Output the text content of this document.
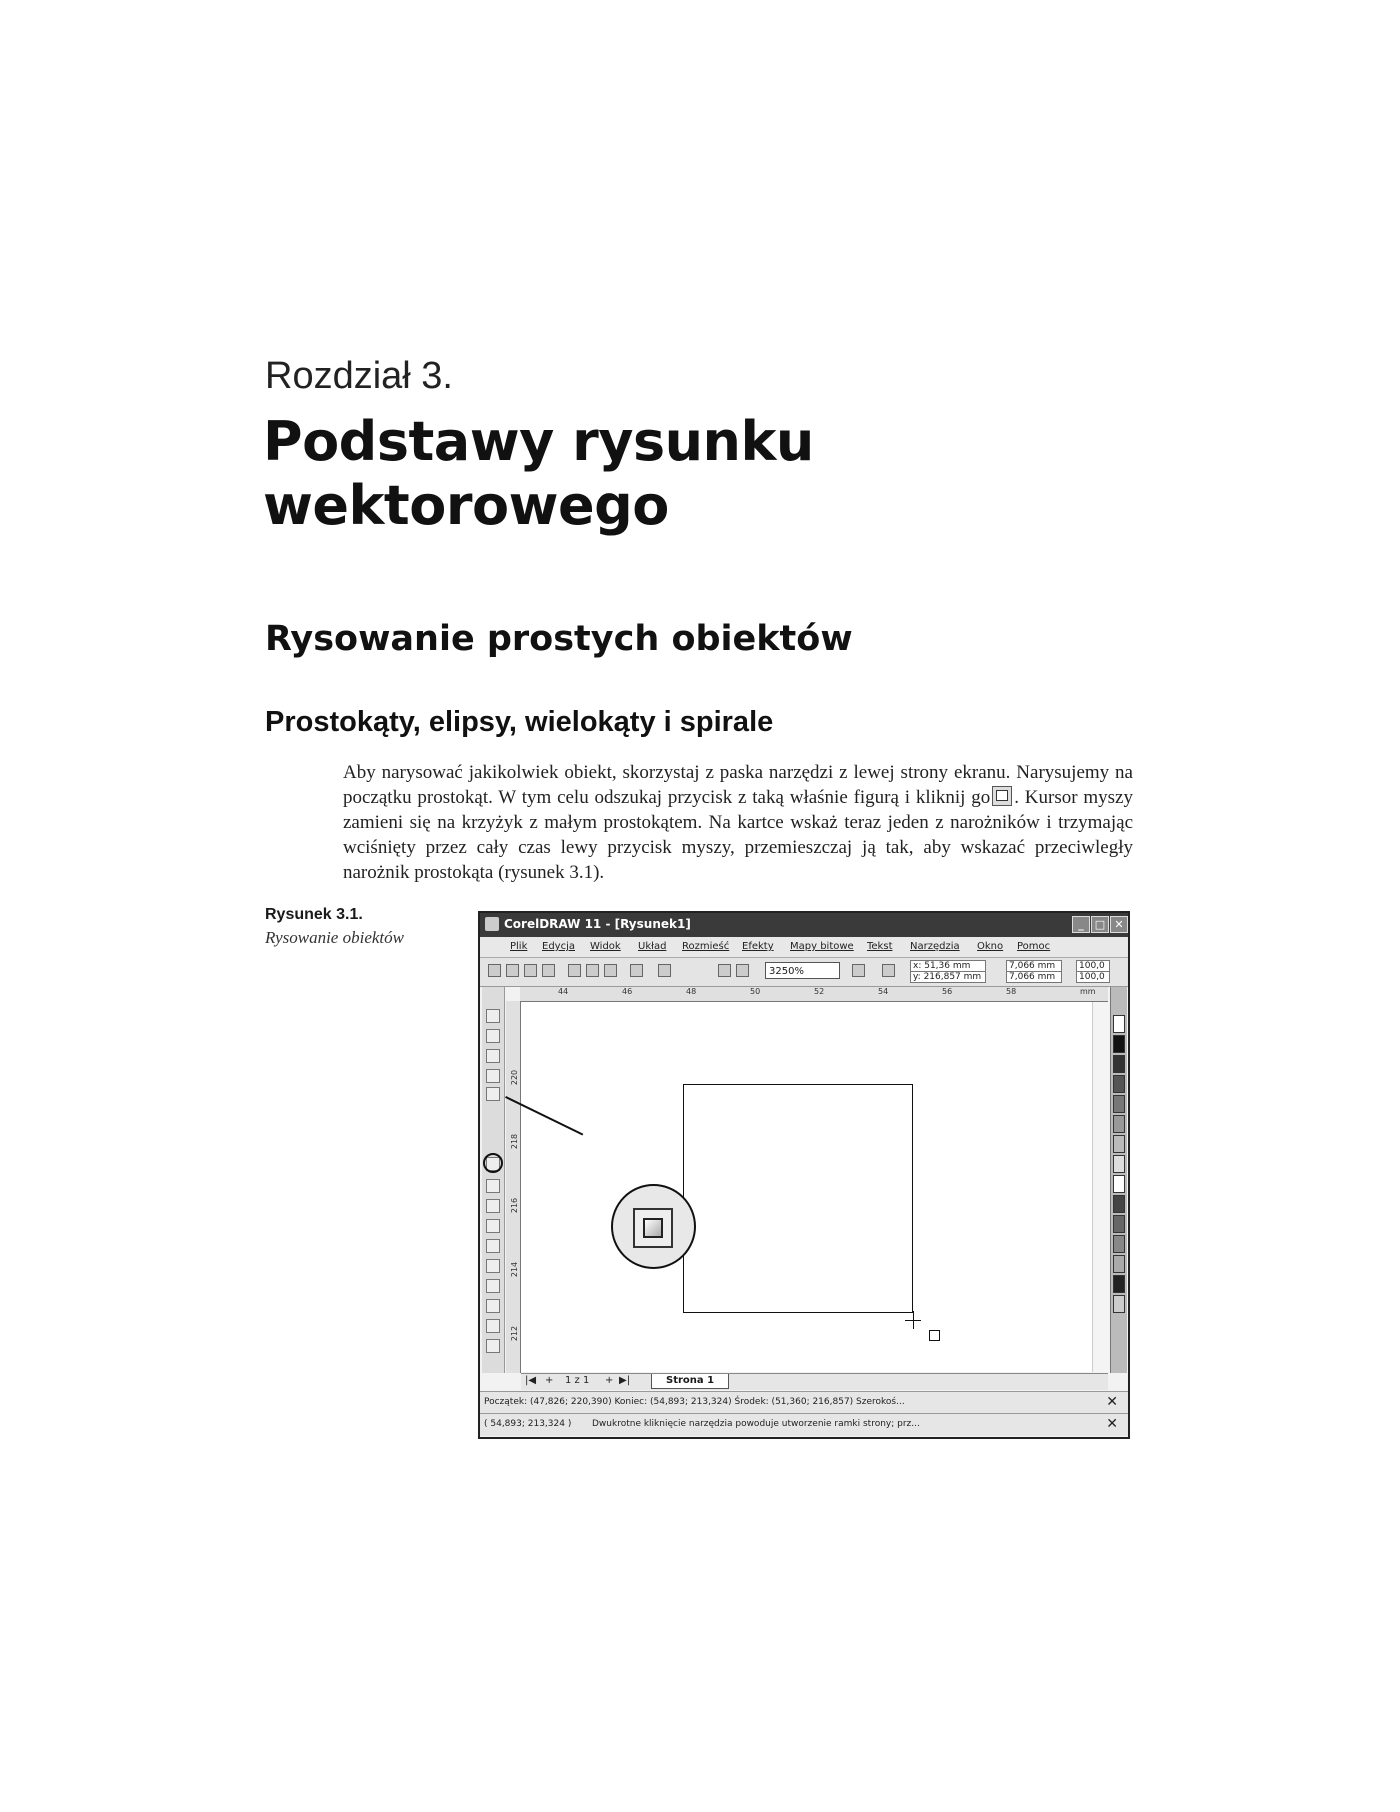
Rozdział 3.
Podstawy rysunku
wektorowego
Rysowanie prostych obiektów
Prostokąty, elipsy, wielokąty i spirale
Aby narysować jakikolwiek obiekt, skorzystaj z paska narzędzi z lewej strony ekranu. Narysujemy na początku prostokąt. W tym celu odszukaj przycisk z taką właśnie figurą i kliknij go . Kursor myszy zamieni się na krzyżyk z małym prostokątem. Na kartce wskaż teraz jeden z narożników i trzymając wciśnięty przez cały czas lewy przycisk myszy, przemieszczaj ją tak, aby wskazać przeciwległy narożnik prostokąta (rysunek 3.1).
Rysunek 3.1.
Rysowanie obiektów
CorelDRAW 11 - [Rysunek1]	_	□ ✕
Plik Edycja Widok Układ Rozmieść Efekty Mapy bitowe Tekst Narzędzia Okno Pomoc
3250%	x: 51,36 mm
y: 216,857 mm
7,066 mm
7,066 mm
100,0
100,0
44	46	48	50	52	54	56	58	mm
220
218
216
214
212
|◀ + 1 z 1 + ▶|	Strona 1
Początek: (47,826; 220,390) Koniec: (54,893; 213,324) Środek: (51,360; 216,857) Szerokoś...	✕
( 54,893; 213,324 ) Dwukrotne kliknięcie narzędzia powoduje utworzenie ramki strony; prz...	✕
